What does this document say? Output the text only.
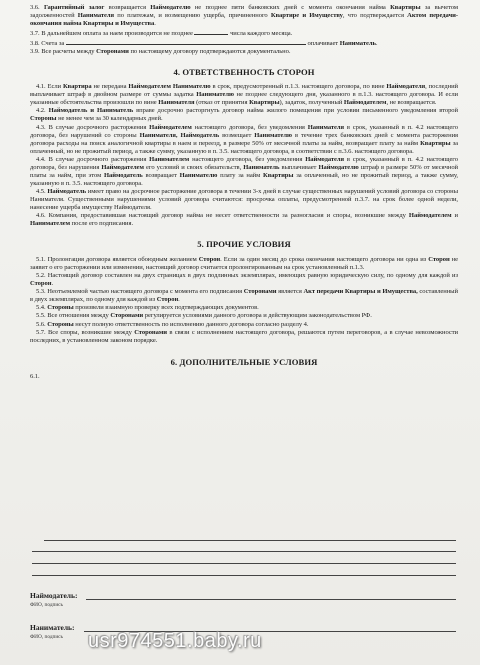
3.6. Гарантийный залог возвращается Наймодателю не позднее пяти банковских дней с момента окончания найма Квартиры за вычетом задолженностей Нанимателя по платежам, и возмещению ущерба, причиненного Квартире и Имуществу, что подтверждается Актом передачи-окончания найма Квартиры и Имущества.

3.7. В дальнейшем оплата за наем производится не позднее	числа каждого месяца.

3.8. Счета за	оплачивает Наниматель.

3.9. Все расчеты между Сторонами по настоящему договору подтверждаются документально.

4. ОТВЕТСТВЕННОСТЬ СТОРОН

4.1. Если Квартира не передана Наймодателем Нанимателю в срок, предусмотренный п.1.3. настоящего договора, по вине Наймодателя, последний выплачивает штраф в двойном размере от суммы задатка Нанимателю не позднее следующего дня, указанного в п.1.3. настоящего договора. И если указанные обстоятельства произошли по вине Нанимателя (отказ от принятия Квартиры), задаток, полученный Наймодателем, не возвращается.

4.2. Наймодатель и Наниматель вправе досрочно расторгнуть договор найма жилого помещения при условии письменного уведомления второй Стороны не менее чем за 30 календарных дней.

4.3. В случае досрочного расторжения Наймодателем настоящего договора, без уведомления Нанимателя в срок, указанный в п. 4.2 настоящего договора, без нарушений со стороны Нанимателя, Наймодатель возмещает Нанимателю в течение трех банковских дней с момента расторжения договора расходы на поиск аналогичной квартиры в наем и переезд, в размере 50% от месячной платы за найм, возвращает плату за найм Квартиры за оплаченный, но не прожитый период, а также сумму, указанную в п. 3.5. настоящего договора, в соответствии с п.3.6. настоящего договора.

4.4. В случае досрочного расторжения Нанимателем настоящего договора, без уведомления Наймодателя в срок, указанный в п. 4.2 настоящего договора, без нарушения Наймодателем его условий и своих обязательств, Наниматель выплачивает Наймодателю штраф в размере 50% от месячной платы за найм, при этом Наймодатель возвращает Нанимателю плату за найм Квартиры за оплаченный, но не прожитый период, а также сумму, указанную в п. 3.5. настоящего договора.

4.5. Наймодатель имеет право на досрочное расторжение договора в течении 3-х дней в случае существенных нарушений условий договора со стороны Нанимателя. Существенными нарушениями условий договора считаются: просрочка оплаты, предусмотренной п.3.7. на срок более одной недели, нанесение ущерба имуществу Наймодателя.

4.6. Компания, предоставившая настоящий договор найма не несет ответственности за разногласия и споры, возникшие между Наймодателем и Нанимателем после его подписания.

5. ПРОЧИЕ УСЛОВИЯ

5.1. Пролонгация договора является обоюдным желанием Сторон. Если за один месяц до срока окончания настоящего договора ни одна из Сторон не заявит о его расторжении или изменении, настоящий договор считается пролонгированным на срок установленный п.1.3.

5.2. Настоящий договор составлен на двух страницах в двух подлинных экземплярах, имеющих равную юридическую силу, по одному для каждой из Сторон.

5.3. Неотъемлемой частью настоящего договора с момента его подписания Сторонами является Акт передачи Квартиры и Имущества, составленный в двух экземплярах, по одному для каждой из Сторон.

5.4. Стороны произвели взаимную проверку всех подтверждающих документов.

5.5. Все отношения между Сторонами регулируется условиями данного договора и действующим законодательством РФ.

5.6. Стороны несут полную ответственность по исполнению данного договора согласно разделу 4.

5.7. Все споры, возникшие между Сторонами в связи с исполнением настоящего договора, решаются путем переговоров, а в случае невозможности последних, в установленном законом порядке.

6. ДОПОЛНИТЕЛЬНЫЕ УСЛОВИЯ

6.1.

Наймодатель:
ФИО, подпись
Наниматель:
ФИО, подпись usr974551.baby.ru
